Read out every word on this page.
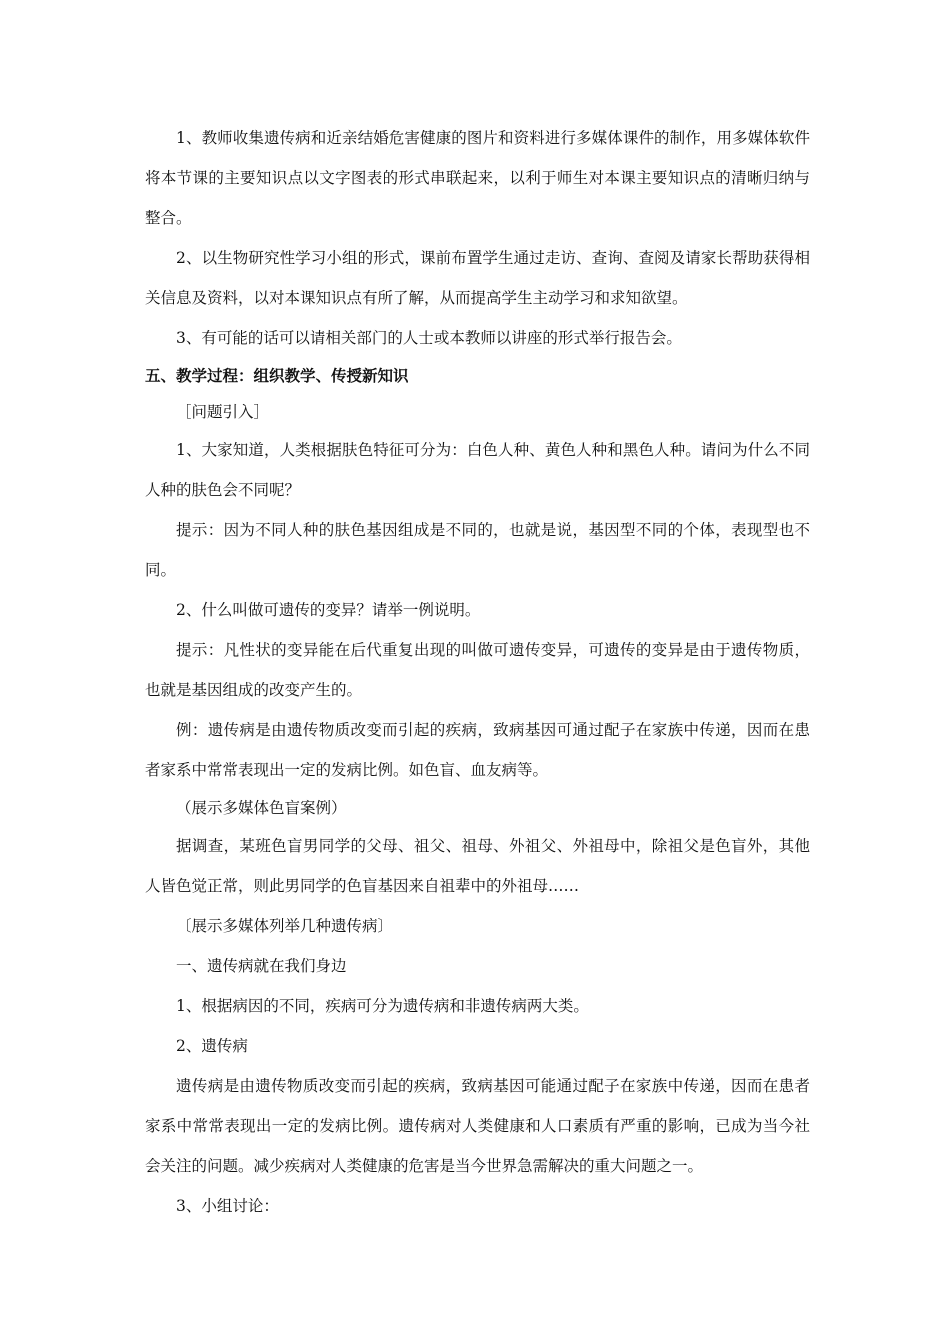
1、教师收集遗传病和近亲结婚危害健康的图片和资料进行多媒体课件的制作，用多媒体软件将本节课的主要知识点以文字图表的形式串联起来，以利于师生对本课主要知识点的清晰归纳与整合。

2、以生物研究性学习小组的形式，课前布置学生通过走访、查询、查阅及请家长帮助获得相关信息及资料，以对本课知识点有所了解，从而提高学生主动学习和求知欲望。

3、有可能的话可以请相关部门的人士或本教师以讲座的形式举行报告会。

五、教学过程：组织教学、传授新知识

［问题引入］

1、大家知道，人类根据肤色特征可分为：白色人种、黄色人种和黑色人种。请问为什么不同人种的肤色会不同呢？

提示：因为不同人种的肤色基因组成是不同的，也就是说，基因型不同的个体，表现型也不同。

2、什么叫做可遗传的变异？请举一例说明。

提示：凡性状的变异能在后代重复出现的叫做可遗传变异，可遗传的变异是由于遗传物质，也就是基因组成的改变产生的。

例：遗传病是由遗传物质改变而引起的疾病，致病基因可通过配子在家族中传递，因而在患者家系中常常表现出一定的发病比例。如色盲、血友病等。

（展示多媒体色盲案例）

据调查，某班色盲男同学的父母、祖父、祖母、外祖父、外祖母中，除祖父是色盲外，其他人皆色觉正常，则此男同学的色盲基因来自祖辈中的外祖母……

〔展示多媒体列举几种遗传病〕

一、遗传病就在我们身边

1、根据病因的不同，疾病可分为遗传病和非遗传病两大类。

2、遗传病

遗传病是由遗传物质改变而引起的疾病，致病基因可能通过配子在家族中传递，因而在患者家系中常常表现出一定的发病比例。遗传病对人类健康和人口素质有严重的影响，已成为当今社会关注的问题。减少疾病对人类健康的危害是当今世界急需解决的重大问题之一。

3、小组讨论：
